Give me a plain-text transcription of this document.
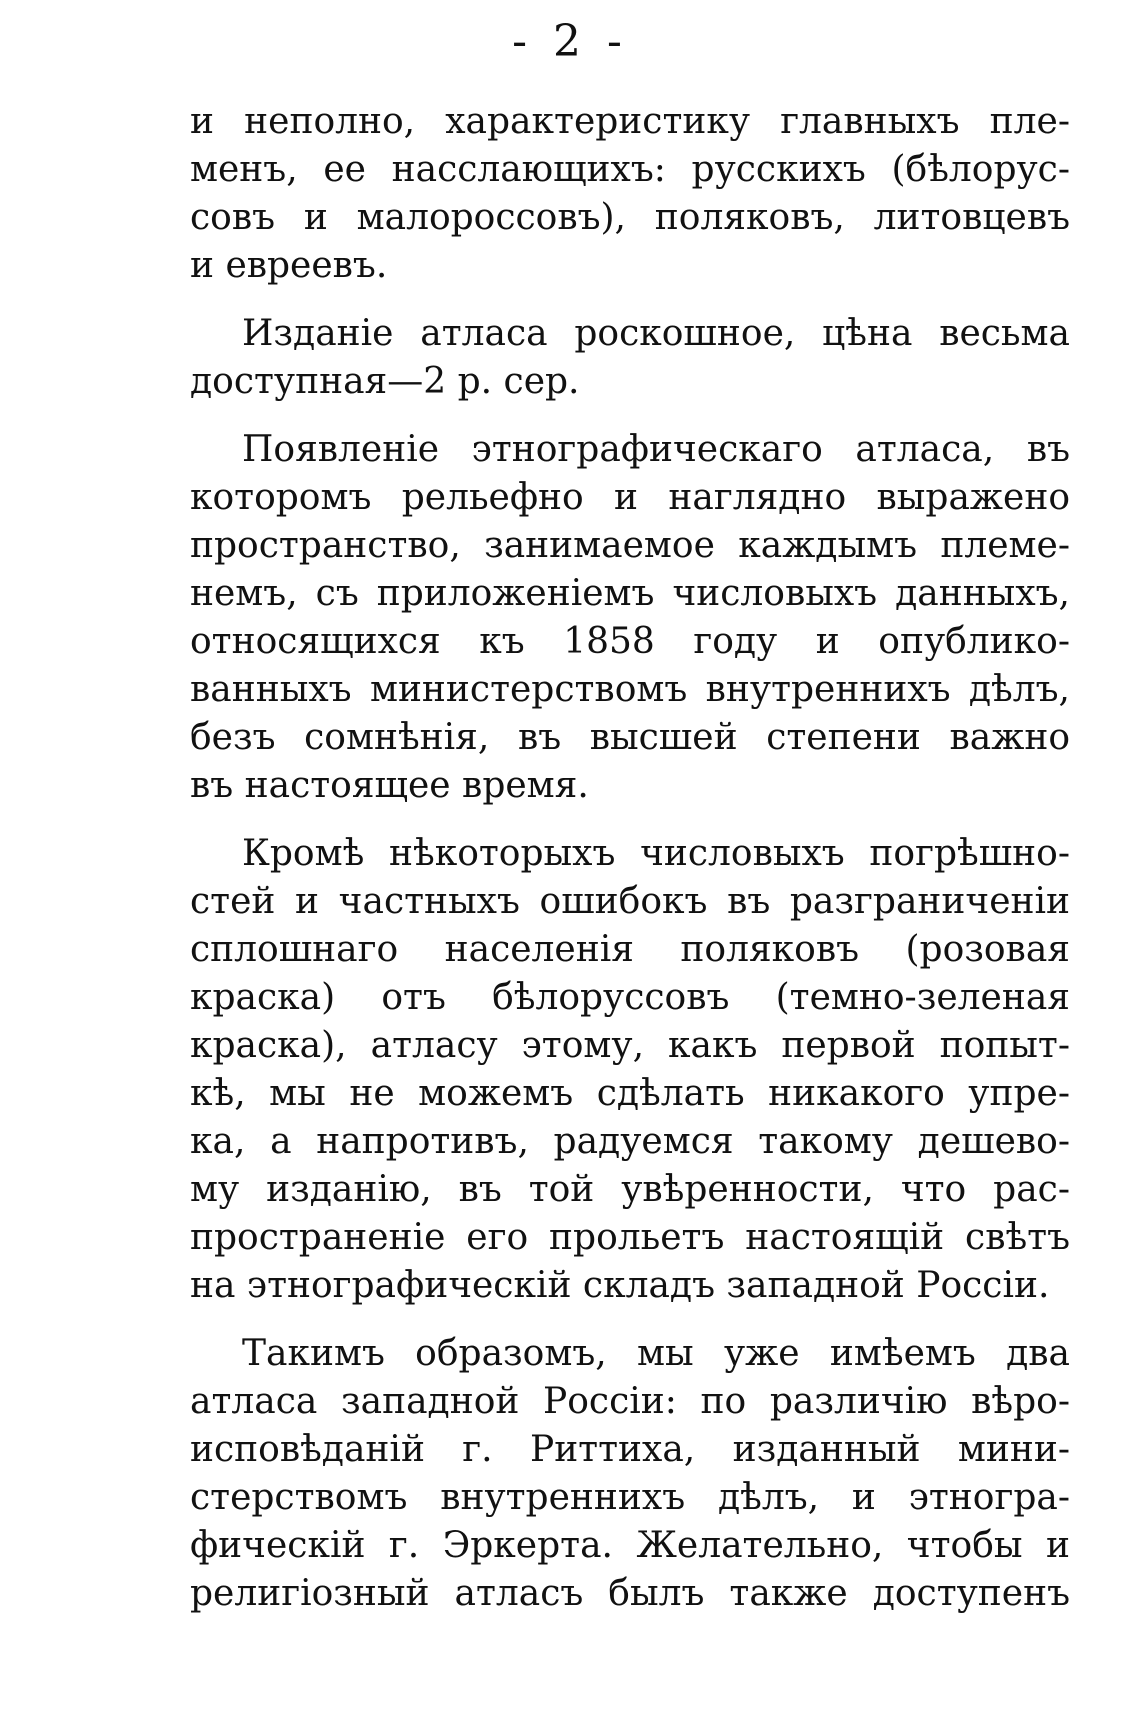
- 2 -

и неполно, характеристику главныхъ пле-
менъ, ее насслающихъ: русскихъ (бѣлорус-
совъ и малороссовъ), поляковъ, литовцевъ
и евреевъ.

Изданіе атласа роскошное, цѣна весьма
доступная—2 р. сер.

Появленіе этнографическаго атласа, въ
которомъ рельефно и наглядно выражено
пространство, занимаемое каждымъ племе-
немъ, съ приложеніемъ числовыхъ данныхъ,
относящихся къ 1858 году и опублико-
ванныхъ министерствомъ внутреннихъ дѣлъ,
безъ сомнѣнія, въ высшей степени важно
въ настоящее время.

Кромѣ нѣкоторыхъ числовыхъ погрѣшно-
стей и частныхъ ошибокъ въ разграниченіи
сплошнаго населенія поляковъ (розовая
краска) отъ бѣлоруссовъ (темно-зеленая
краска), атласу этому, какъ первой попыт-
кѣ, мы не можемъ сдѣлать никакого упре-
ка, а напротивъ, радуемся такому дешево-
му изданію, въ той увѣренности, что рас-
пространеніе его прольетъ настоящій свѣтъ
на этнографическій складъ западной Россіи.

Такимъ образомъ, мы уже имѣемъ два
атласа западной Россіи: по различію вѣро-
исповѣданій г. Риттиха, изданный мини-
стерствомъ внутреннихъ дѣлъ, и этногра-
фическій г. Эркерта. Желательно, чтобы и
религіозный атласъ былъ также доступенъ
